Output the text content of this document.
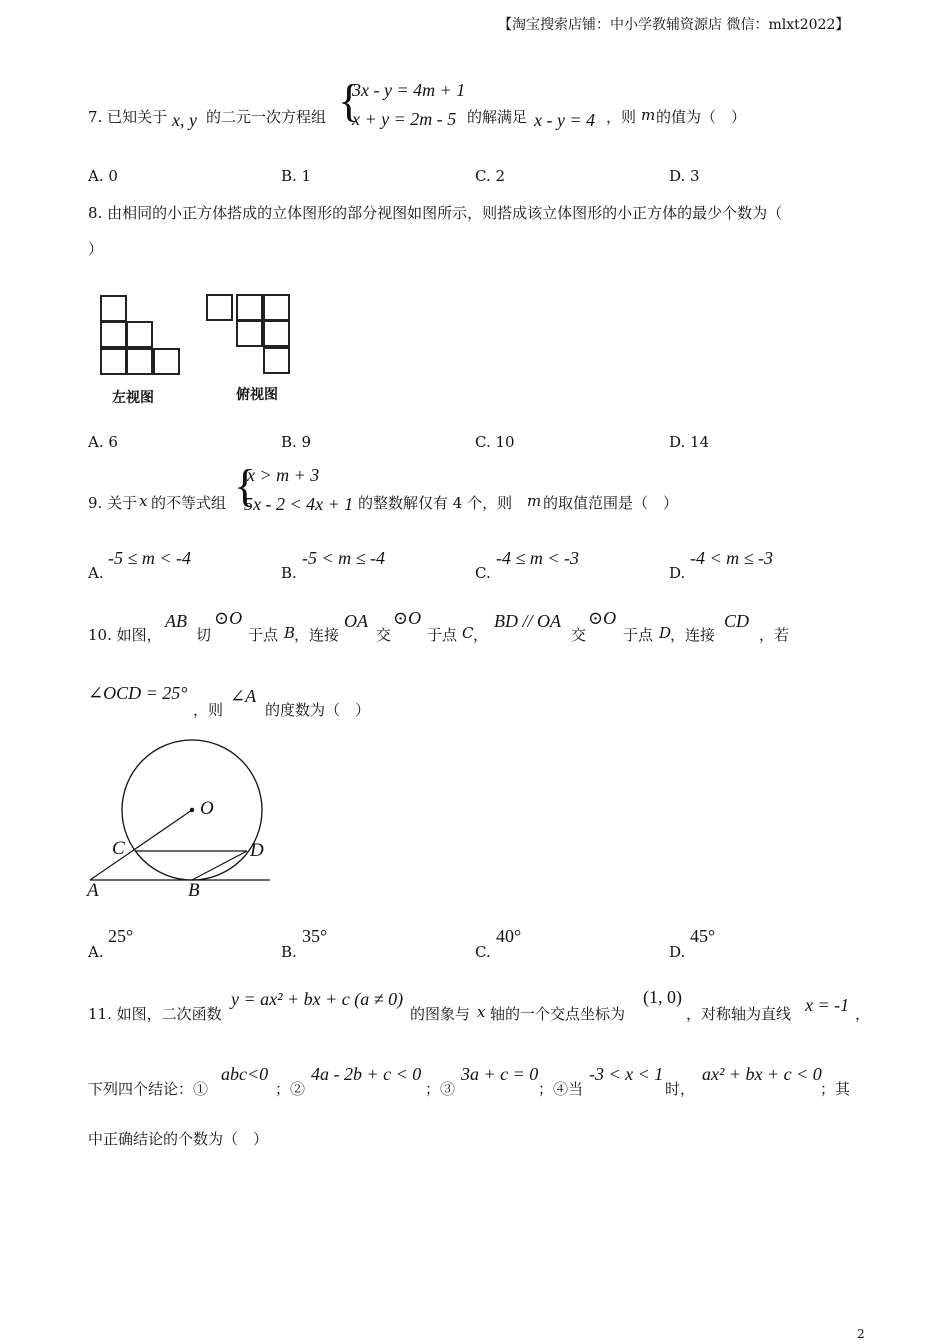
【淘宝搜索店铺：中小学教辅资源店 微信：mlxt2022】
7. 已知关于 x, y 的二元一次方程组 {
3x - y = 4m + 1
x + y = 2m - 5 的解满足 x - y = 4 ，则 m 的值为（　）
A. 0	B. 1	C. 2	D. 3
8. 由相同的小正方体搭成的立体图形的部分视图如图所示，则搭成该立体图形的小正方体的最少个数为（
）
左视图	俯视图
A. 6	B. 9	C. 10	D. 14
9. 关于 x 的不等式组 {
x > m + 3
5x - 2 < 4x + 1 的整数解仅有 4 个，则 m 的取值范围是（　）
A.
-5 ≤ m < -4
B.
-5 < m ≤ -4
C.
-4 ≤ m < -3
D.
-4 < m ≤ -3
10. 如图，
AB
切
⊙O
于点 B
，连接
OA
交
⊙O
于点 C ，
BD // OA
交
⊙O
于点 D
，连接
CD
，若
∠OCD = 25°
，则
∠A
的度数为（　）
O
C	D
A	B
A.
25°
B.
35°
C.
40°
D.
45°
11. 如图，二次函数
y = ax² + bx + c (a ≠ 0)
的图象与 x 轴的一个交点坐标为
(1, 0)
，对称轴为直线 x = -1 ，
下列四个结论：①
abc<0
；②
4a - 2b + c < 0
；③
3a + c = 0
；④当
-3 < x < 1
时，
ax² + bx + c < 0
；其
中正确结论的个数为（　）
2
